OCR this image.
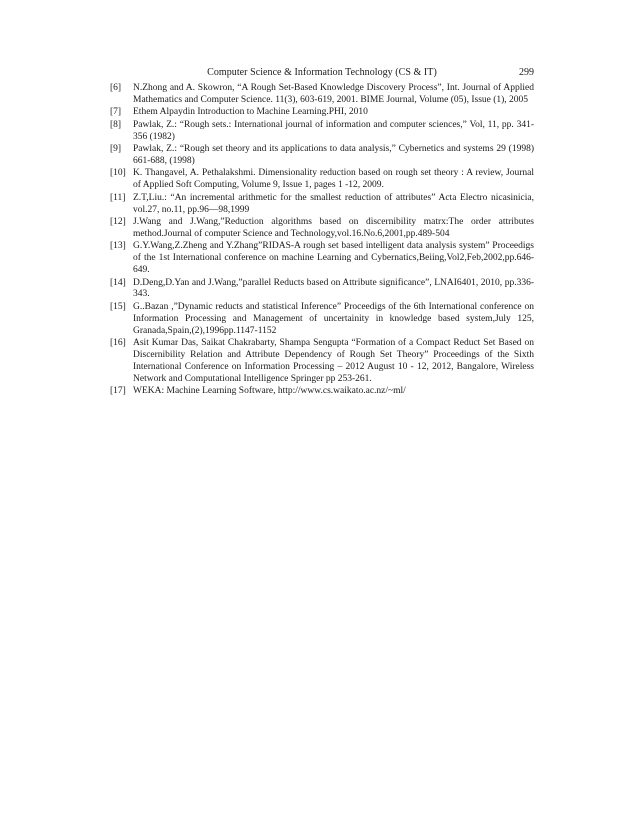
Computer Science & Information Technology (CS & IT)	299
[6]	N.Zhong and A. Skowron, “A Rough Set-Based Knowledge Discovery Process”, Int. Journal of Applied Mathematics and Computer Science. 11(3), 603-619, 2001. BIME Journal, Volume (05), Issue (1), 2005
[7]	Ethem Alpaydin Introduction to Machine Learning.PHI, 2010
[8]	Pawlak, Z.: “Rough sets.: International journal of information and computer sciences,” Vol, 11, pp. 341-356 (1982)
[9]	Pawlak, Z.: “Rough set theory and its applications to data analysis,” Cybernetics and systems 29 (1998) 661-688, (1998)
[10] K. Thangavel, A. Pethalakshmi. Dimensionality reduction based on rough set theory : A review, Journal of Applied Soft Computing, Volume 9, Issue 1, pages 1 -12, 2009.
[11] Z.T,Liu.: “An incremental arithmetic for the smallest reduction of attributes” Acta Electro nicasinicia, vol.27, no.11, pp.96—98,1999
[12] J.Wang and J.Wang,”Reduction algorithms based on discernibility matrx:The order attributes method.Journal of computer Science and Technology,vol.16.No.6,2001,pp.489-504
[13] G.Y.Wang,Z.Zheng and Y.Zhang”RIDAS-A rough set based intelligent data analysis system” Proceedigs of the 1st International conference on machine Learning and Cybernatics,Beiing,Vol2,Feb,2002,pp.646-649.
[14] D.Deng,D.Yan and J.Wang,”parallel Reducts based on Attribute significance”, LNAI6401, 2010, pp.336-343.
[15] G..Bazan ,”Dynamic reducts and statistical Inference” Proceedigs of the 6th International conference on Information Processing and Management of uncertainity in knowledge based system,July 125, Granada,Spain,(2),1996pp.1147-1152
[16] Asit Kumar Das, Saikat Chakrabarty, Shampa Sengupta “Formation of a Compact Reduct Set Based on Discernibility Relation and Attribute Dependency of Rough Set Theory” Proceedings of the Sixth International Conference on Information Processing – 2012 August 10 - 12, 2012, Bangalore, Wireless Network and Computational Intelligence Springer pp 253-261.
[17] WEKA: Machine Learning Software, http://www.cs.waikato.ac.nz/~ml/
